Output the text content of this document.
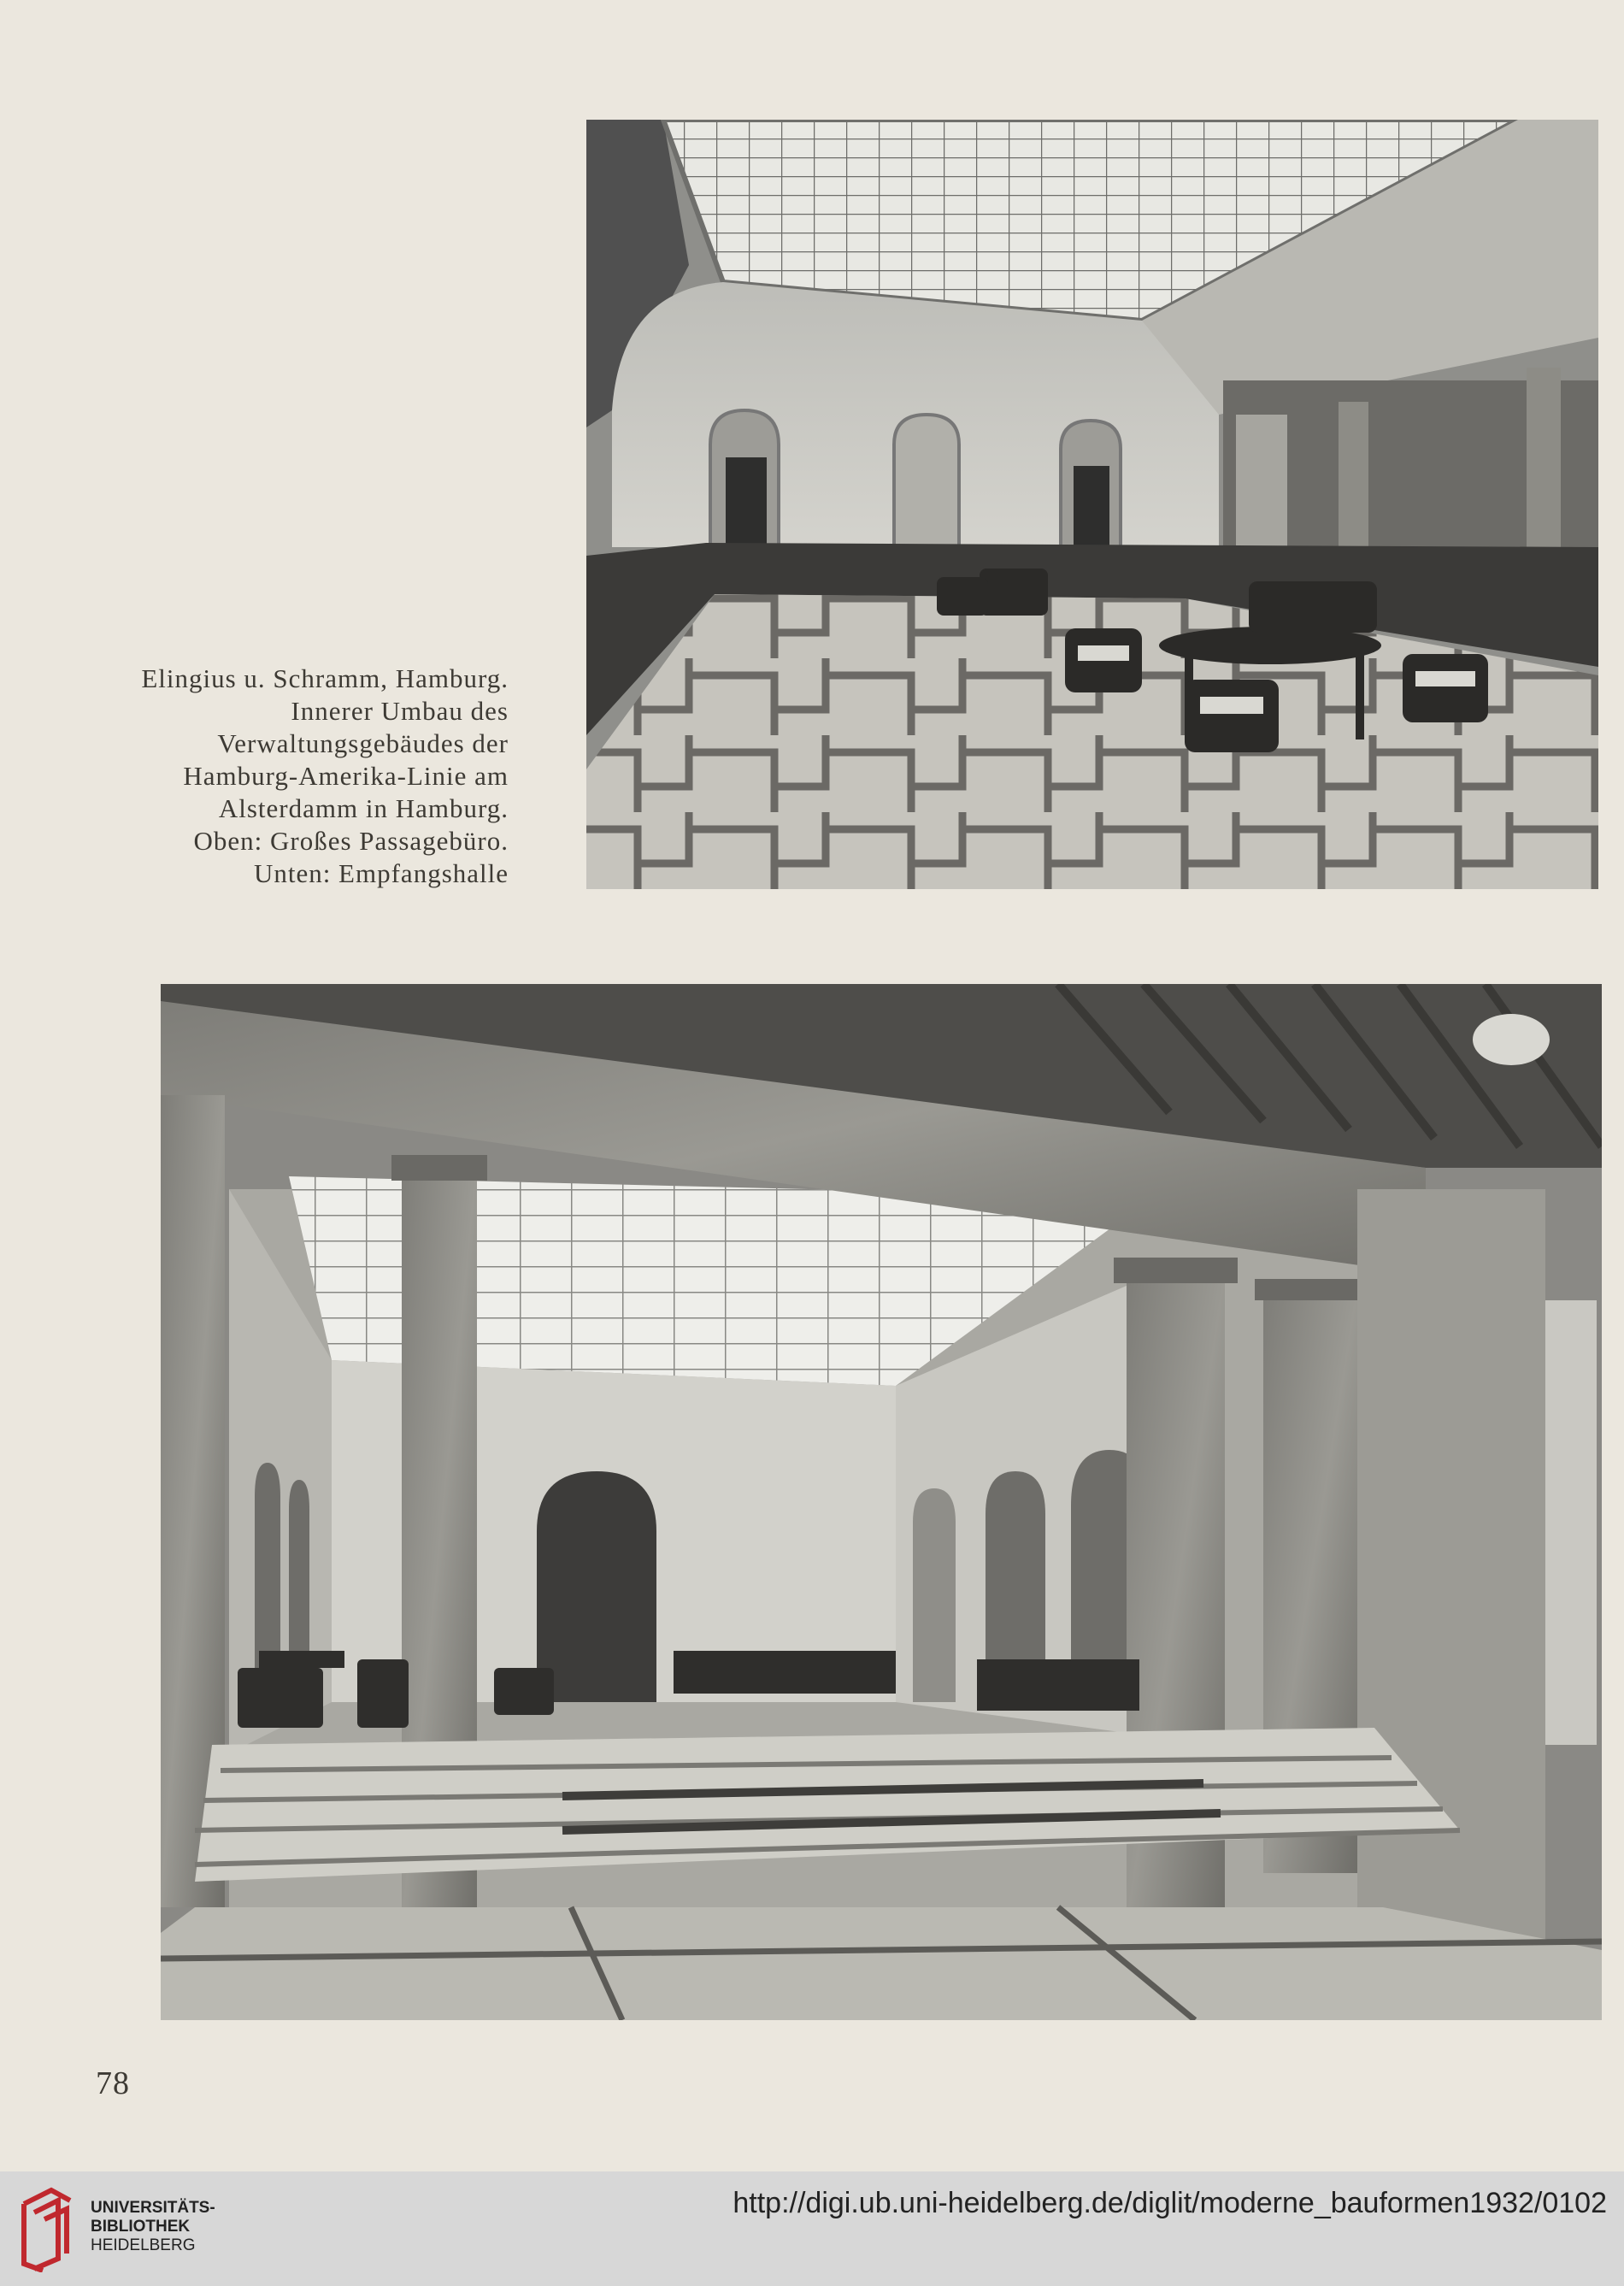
Elingius u. Schramm, Hamburg.
Innerer Umbau des
Verwaltungsgebäudes der
Hamburg-Amerika-Linie am
Alsterdamm in Hamburg.
Oben: Großes Passagebüro.
Unten: Empfangshalle
78
UNIVERSITÄTS-
BIBLIOTHEK
HEIDELBERG
http://digi.ub.uni-heidelberg.de/diglit/moderne_bauformen1932/0102
